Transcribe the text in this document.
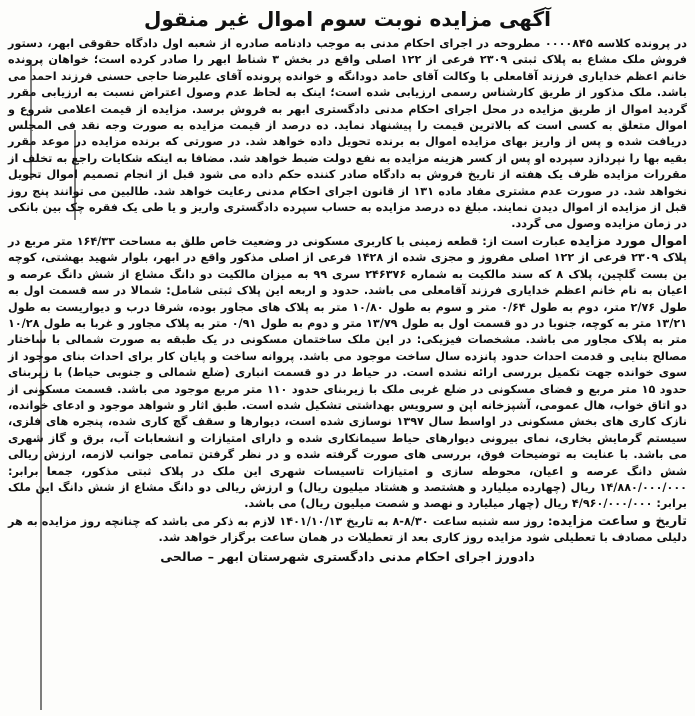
آگهی مزایده نوبت سوم اموال غیر منقول

در پرونده کلاسه ۰۰۰۰۸۴۵ مطروحه در اجرای احکام مدنی به موجب دادنامه صادره از شعبه اول دادگاه حقوقی ابهر، دستور فروش ملک مشاع به پلاک ثبتی ۲۳۰۹ فرعی از ۱۲۲ اصلی واقع در بخش ۳ شناط ابهر را صادر کرده است؛ خواهان پرونده خانم اعظم خدایاری فرزند آقامعلی با وکالت آقای حامد دودانگه و خوانده پرونده آقای علیرضا حاجی حسنی فرزند احمد می باشد. ملک مذکور از طریق کارشناس رسمی ارزیابی شده است؛ اینک به لحاظ عدم وصول اعتراض نسبت به ارزیابی مقرر گردید اموال از طریق مزایده در محل اجرای احکام مدنی دادگستری ابهر به فروش برسد. مزایده از قیمت اعلامی شروع و اموال متعلق به کسی است که بالاترین قیمت را پیشنهاد نماید. ده درصد از قیمت مزایده به صورت وجه نقد فی المجلس دریافت شده و پس از واریز بهای مزایده اموال به برنده تحویل داده خواهد شد. در صورتی که برنده مزایده در موعد مقرر بقیه بها را نپردازد سپرده او پس از کسر هزینه مزایده به نفع دولت ضبط خواهد شد. مضافا به اینکه شکایات راجع به تخلف از مقررات مزایده ظرف یک هفته از تاریخ فروش به دادگاه صادر کننده حکم داده می شود قبل از انجام تصمیم اموال تحویل نخواهد شد. در صورت عدم مشتری مفاد ماده ۱۳۱ از قانون اجرای احکام مدنی رعایت خواهد شد. طالبین می توانند پنج روز قبل از مزایده از اموال دیدن نمایند. مبلغ ده درصد مزایده به حساب سپرده دادگستری واریز و یا طی یک فقره چک بین بانکی در زمان مزایده وصول می گردد.

اموال مورد مزایده عبارت است از: قطعه زمینی با کاربری مسکونی در وضعیت خاص طلق به مساحت ۱۶۴/۳۳ متر مربع در پلاک ۲۳۰۹ فرعی از ۱۲۲ اصلی مفروز و مجزی شده از ۱۴۲۸ فرعی از اصلی مذکور واقع در ابهر، بلوار شهید بهشتی، کوچه بن بست گلچین، پلاک ۸ که سند مالکیت به شماره ۲۴۶۳۷۶ سری ۹۹ به میزان مالکیت دو دانگ مشاع از شش دانگ عرصه و اعیان به نام خانم اعظم خدایاری فرزند آقامعلی می باشد. حدود و اربعه این پلاک ثبتی شامل: شمالا در سه قسمت اول به طول ۲/۷۶ متر، دوم به طول ۰/۶۴ متر و سوم به طول ۱۰/۸۰ متر به پلاک های مجاور بوده، شرقا درب و دیواریست به طول ۱۳/۲۱ متر به کوچه، جنوبا در دو قسمت اول به طول ۱۳/۷۹ متر و دوم به طول ۰/۹۱ متر به پلاک مجاور و غربا به طول ۱۰/۲۸ متر به پلاک مجاور می باشد. مشخصات فیزیکی: در این ملک ساختمان مسکونی در یک طبقه به صورت شمالی با ساختار مصالح بنایی و قدمت احداث حدود پانزده سال ساخت موجود می باشد. پروانه ساخت و پایان کار برای احداث بنای موجود از سوی خوانده جهت تکمیل بررسی ارائه نشده است. در حیاط در دو قسمت انباری (ضلع شمالی و جنوبی حیاط) با زیربنای حدود ۱۵ متر مربع و فضای مسکونی در ضلع غربی ملک با زیربنای حدود ۱۱۰ متر مربع موجود می باشد. قسمت مسکونی از دو اتاق خواب، هال عمومی، آشپزخانه اپن و سرویس بهداشتی تشکیل شده است. طبق اثار و شواهد موجود و ادعای خوانده، نازک کاری های بخش مسکونی در اواسط سال ۱۳۹۷ نوسازی شده است، دیوارها و سقف گچ کاری شده، پنجره های فلزی، سیستم گرمایش بخاری، نمای بیرونی دیوارهای حیاط سیمانکاری شده و دارای امتیازات و انشعابات آب، برق و گاز شهری می باشد. با عنایت به توضیحات فوق، بررسی های صورت گرفته شده و در نظر گرفتن تمامی جوانب لازمه، ارزش ریالی شش دانگ عرصه و اعیان، محوطه سازی و امتیازات تاسیسات شهری این ملک در پلاک ثبتی مذکور، جمعا برابر: ۱۴/۸۸۰/۰۰۰/۰۰۰ ریال (چهارده میلیارد و هشتصد و هشتاد میلیون ریال) و ارزش ریالی دو دانگ مشاع از شش دانگ این ملک برابر: ۴/۹۶۰/۰۰۰/۰۰۰ ریال (چهار میلیارد و نهصد و شصت میلیون ریال) می باشد.

تاریخ و ساعت مزایده: روز سه شنبه ساعت ۸/۳۰-۸ به تاریخ ۱۴۰۱/۱۰/۱۳ لازم به ذکر می باشد که چنانچه روز مزایده به هر دلیلی مصادف با تعطیلی شود مزایده روز کاری بعد از تعطیلات در همان ساعت برگزار خواهد شد.

دادورز اجرای احکام مدنی دادگستری شهرستان ابهر – صالحی
